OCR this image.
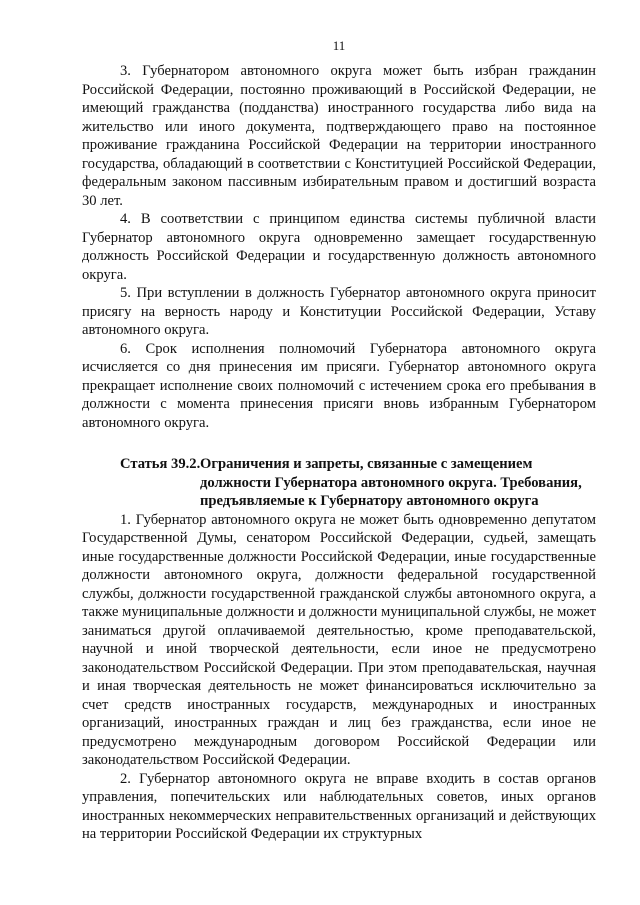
11

3. Губернатором автономного округа может быть избран гражданин Российской Федерации, постоянно проживающий в Российской Федерации, не имеющий гражданства (подданства) иностранного государства либо вида на жительство или иного документа, подтверждающего право на постоянное проживание гражданина Российской Федерации на территории иностранного государства, обладающий в соответствии с Конституцией Российской Федерации, федеральным законом пассивным избирательным правом и достигший возраста 30 лет.

4. В соответствии с принципом единства системы публичной власти Губернатор автономного округа одновременно замещает государственную должность Российской Федерации и государственную должность автономного округа.

5. При вступлении в должность Губернатор автономного округа приносит присягу на верность народу и Конституции Российской Федерации, Уставу автономного округа.

6. Срок исполнения полномочий Губернатора автономного округа исчисляется со дня принесения им присяги. Губернатор автономного округа прекращает исполнение своих полномочий с истечением срока его пребывания в должности с момента принесения присяги вновь избранным Губернатором автономного округа.

Статья 39.2. Ограничения и запреты, связанные с замещением должности Губернатора автономного округа. Требования, предъявляемые к Губернатору автономного округа

1. Губернатор автономного округа не может быть одновременно депутатом Государственной Думы, сенатором Российской Федерации, судьей, замещать иные государственные должности Российской Федерации, иные государственные должности автономного округа, должности федеральной государственной службы, должности государственной гражданской службы автономного округа, а также муниципальные должности и должности муниципальной службы, не может заниматься другой оплачиваемой деятельностью, кроме преподавательской, научной и иной творческой деятельности, если иное не предусмотрено законодательством Российской Федерации. При этом преподавательская, научная и иная творческая деятельность не может финансироваться исключительно за счет средств иностранных государств, международных и иностранных организаций, иностранных граждан и лиц без гражданства, если иное не предусмотрено международным договором Российской Федерации или законодательством Российской Федерации.

2. Губернатор автономного округа не вправе входить в состав органов управления, попечительских или наблюдательных советов, иных органов иностранных некоммерческих неправительственных организаций и действующих на территории Российской Федерации их структурных
